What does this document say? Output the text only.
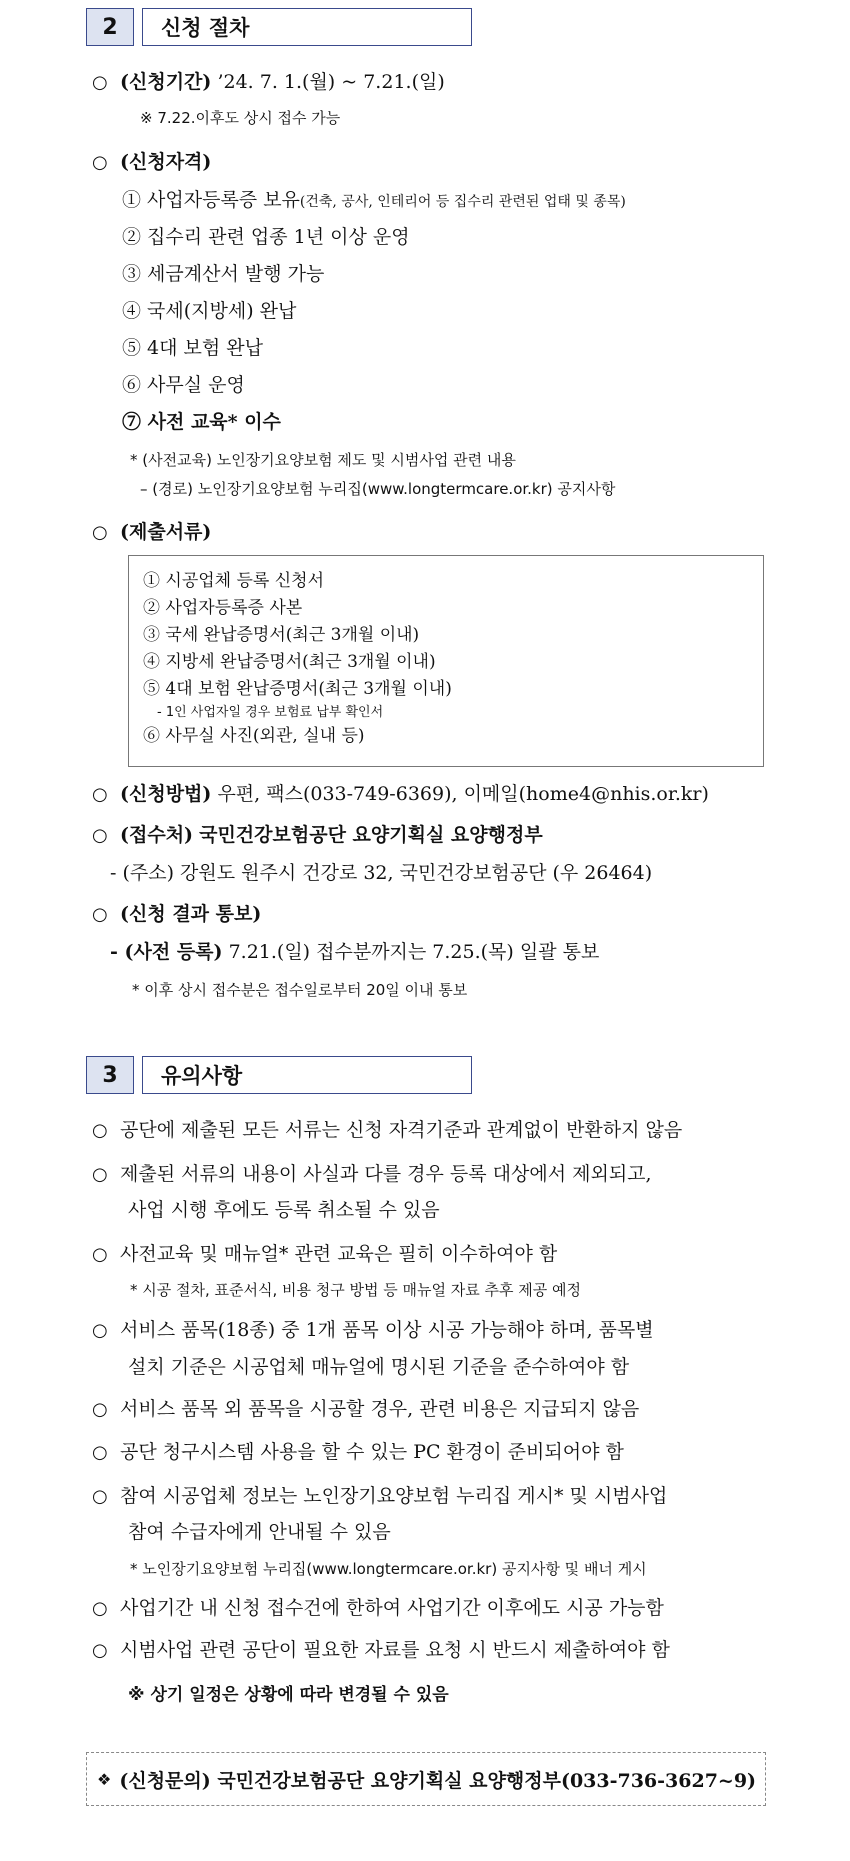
2	신청 절차
○ (신청기간) ’24. 7. 1.(월) ~ 7.21.(일)
※ 7.22.이후도 상시 접수 가능
○ (신청자격)
① 사업자등록증 보유(건축, 공사, 인테리어 등 집수리 관련된 업태 및 종목)
② 집수리 관련 업종 1년 이상 운영
③ 세금계산서 발행 가능
④ 국세(지방세) 완납
⑤ 4대 보험 완납
⑥ 사무실 운영
⑦ 사전 교육* 이수
* (사전교육) 노인장기요양보험 제도 및 시범사업 관련 내용
– (경로) 노인장기요양보험 누리집(www.longtermcare.or.kr) 공지사항
○ (제출서류)
① 시공업체 등록 신청서
② 사업자등록증 사본
③ 국세 완납증명서(최근 3개월 이내)
④ 지방세 완납증명서(최근 3개월 이내)
⑤ 4대 보험 완납증명서(최근 3개월 이내)
- 1인 사업자일 경우 보험료 납부 확인서
⑥ 사무실 사진(외관, 실내 등)
○ (신청방법) 우편, 팩스(033-749-6369), 이메일(home4@nhis.or.kr)
○ (접수처) 국민건강보험공단 요양기획실 요양행정부
- (주소) 강원도 원주시 건강로 32, 국민건강보험공단 (우 26464)
○ (신청 결과 통보)
- (사전 등록) 7.21.(일) 접수분까지는 7.25.(목) 일괄 통보
* 이후 상시 접수분은 접수일로부터 20일 이내 통보
3	유의사항
○ 공단에 제출된 모든 서류는 신청 자격기준과 관계없이 반환하지 않음
○ 제출된 서류의 내용이 사실과 다를 경우 등록 대상에서 제외되고,
사업 시행 후에도 등록 취소될 수 있음
○ 사전교육 및 매뉴얼* 관련 교육은 필히 이수하여야 함
* 시공 절차, 표준서식, 비용 청구 방법 등 매뉴얼 자료 추후 제공 예정
○ 서비스 품목(18종) 중 1개 품목 이상 시공 가능해야 하며, 품목별
설치 기준은 시공업체 매뉴얼에 명시된 기준을 준수하여야 함
○ 서비스 품목 외 품목을 시공할 경우, 관련 비용은 지급되지 않음
○ 공단 청구시스템 사용을 할 수 있는 PC 환경이 준비되어야 함
○ 참여 시공업체 정보는 노인장기요양보험 누리집 게시* 및 시범사업
참여 수급자에게 안내될 수 있음
* 노인장기요양보험 누리집(www.longtermcare.or.kr) 공지사항 및 배너 게시
○ 사업기간 내 신청 접수건에 한하여 사업기간 이후에도 시공 가능함
○ 시범사업 관련 공단이 필요한 자료를 요청 시 반드시 제출하여야 함
※ 상기 일정은 상황에 따라 변경될 수 있음
❖ (신청문의) 국민건강보험공단 요양기획실 요양행정부(033-736-3627~9)
